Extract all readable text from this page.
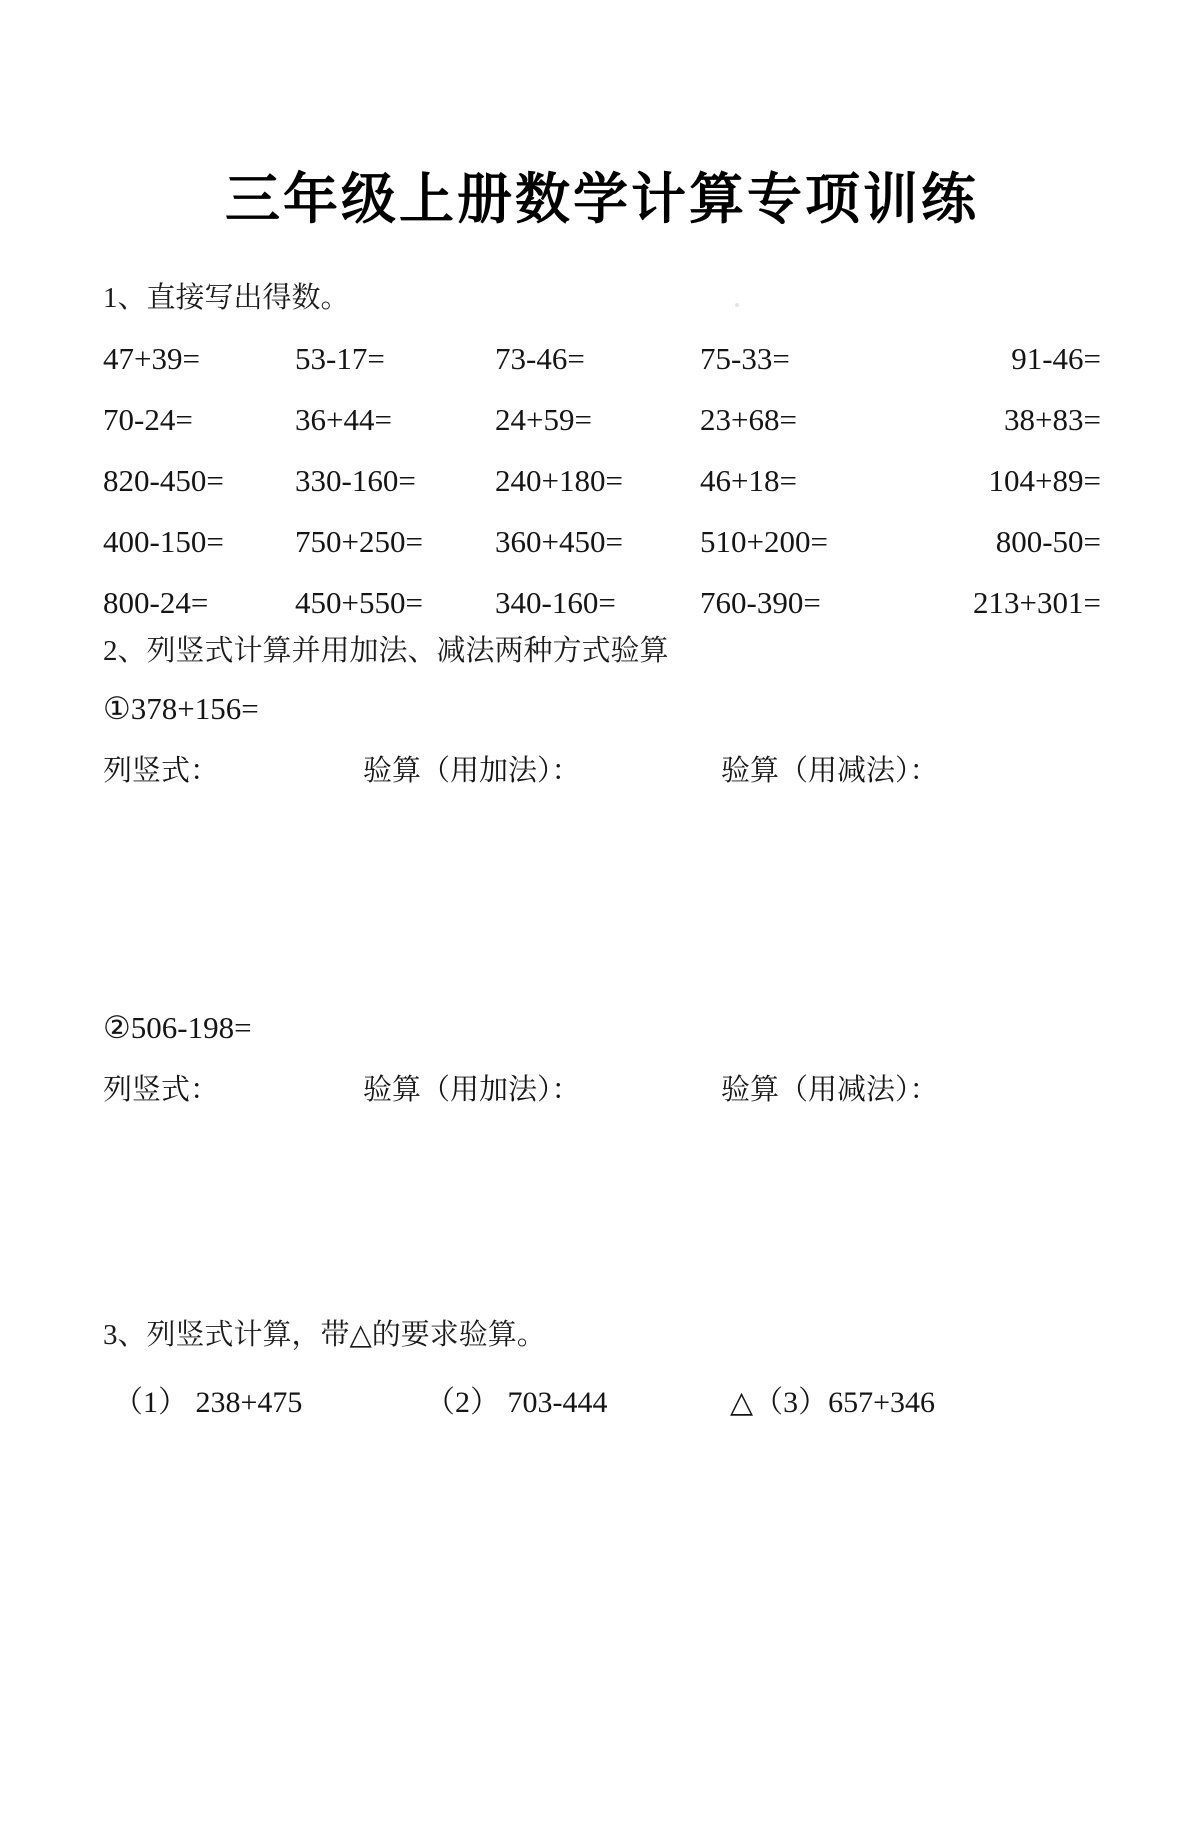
三年级上册数学计算专项训练
1、直接写出得数。
47+39=	53-17=	73-46=	75-33=	91-46=
70-24=	36+44=	24+59=	23+68=	38+83=
820-450=	330-160=	240+180=	46+18=	104+89=
400-150=	750+250=	360+450=	510+200=	800-50=
800-24=	450+550=	340-160=	760-390=	213+301=
2、列竖式计算并用加法、减法两种方式验算
①378+156=
列竖式：	验算（用加法）：	验算（用减法）：
②506-198=
列竖式：	验算（用加法）：	验算（用减法）：
3、列竖式计算，带△的要求验算。
（1） 238+475	（2） 703-444	△（3）657+346
